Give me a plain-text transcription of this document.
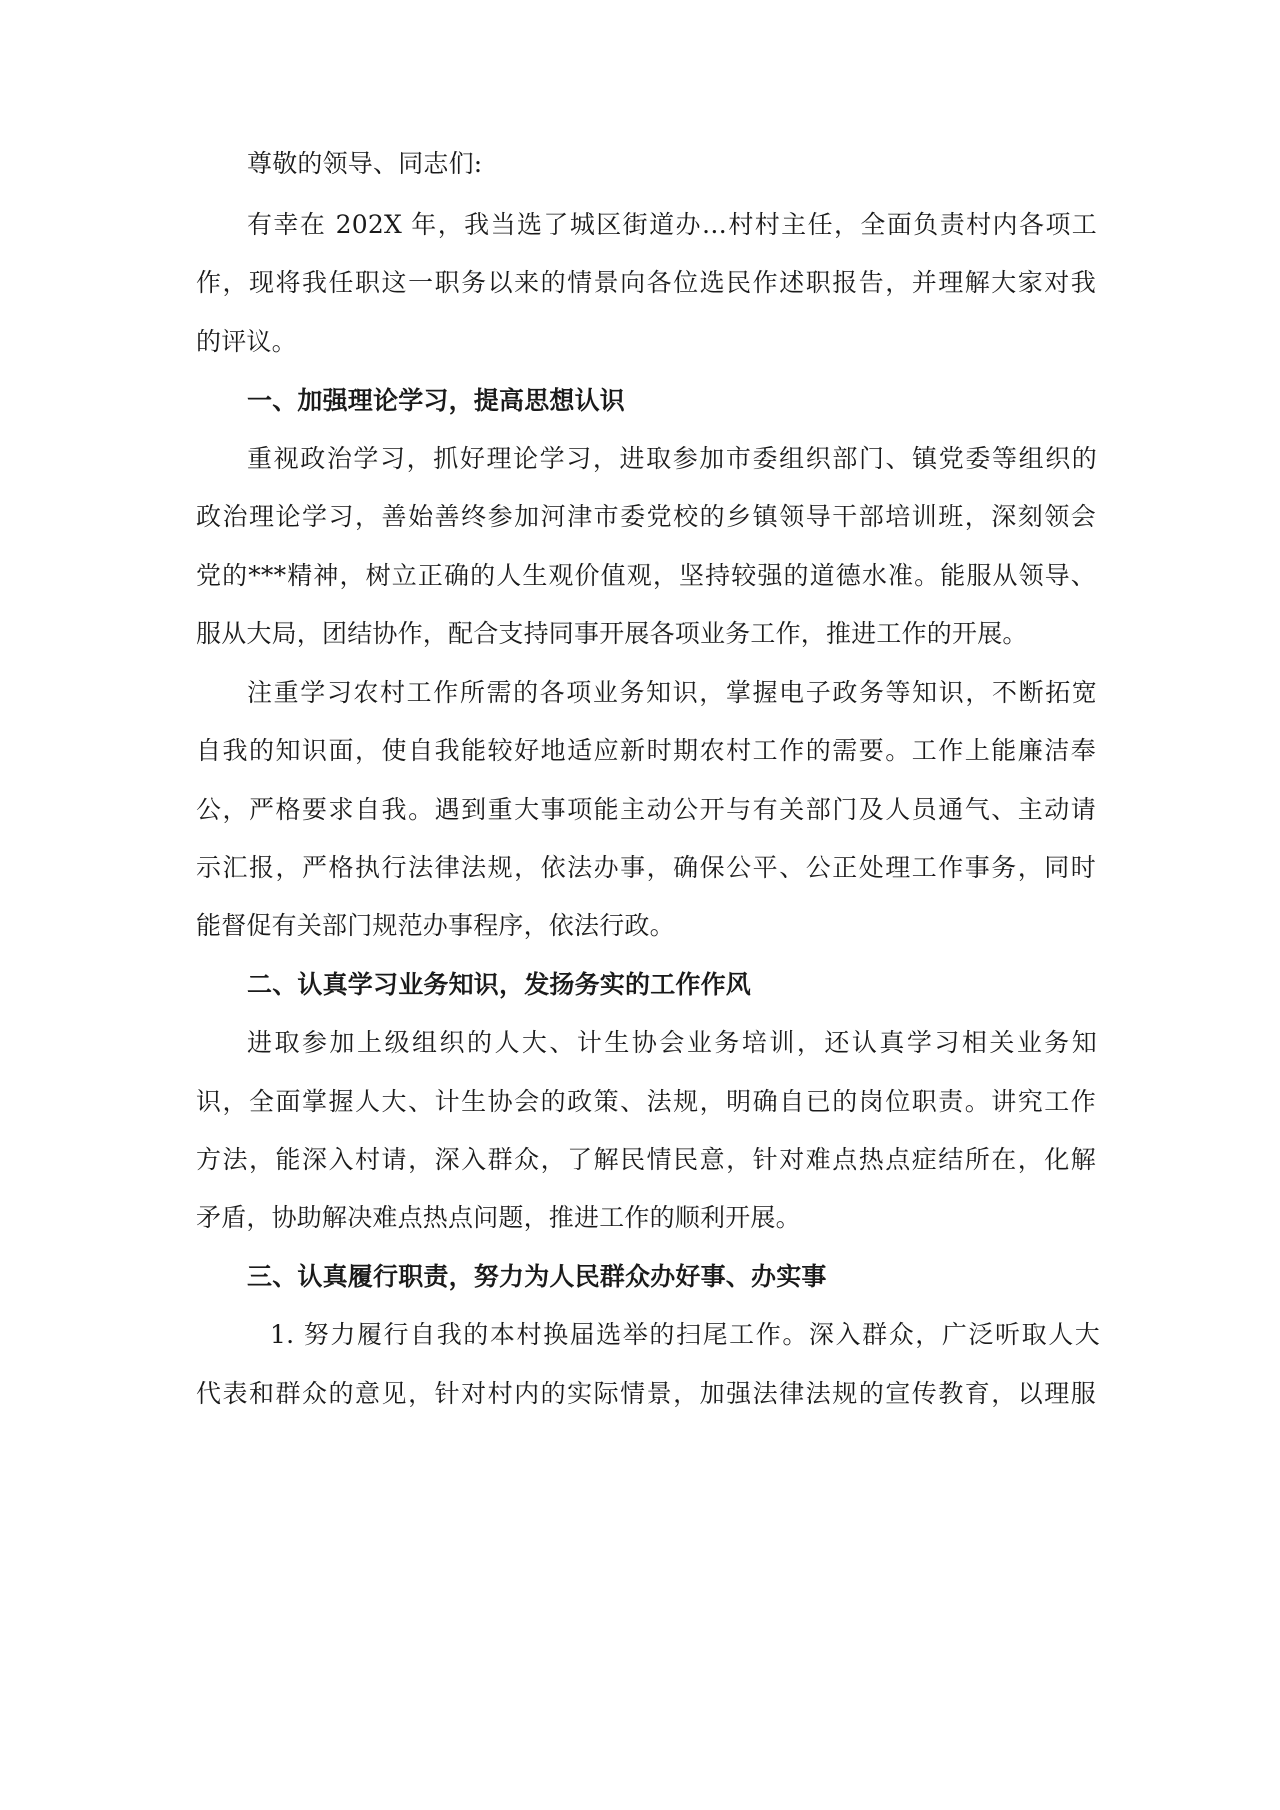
尊敬的领导、同志们:
有幸在 202X 年，我当选了城区街道办…村村主任，全面负责村内各项工
作，现将我任职这一职务以来的情景向各位选民作述职报告，并理解大家对我
的评议。
一、加强理论学习，提高思想认识
重视政治学习，抓好理论学习，进取参加市委组织部门、镇党委等组织的
政治理论学习，善始善终参加河津市委党校的乡镇领导干部培训班，深刻领会
党的***精神，树立正确的人生观价值观，坚持较强的道德水准。能服从领导、
服从大局，团结协作，配合支持同事开展各项业务工作，推进工作的开展。
注重学习农村工作所需的各项业务知识，掌握电子政务等知识，不断拓宽
自我的知识面，使自我能较好地适应新时期农村工作的需要。工作上能廉洁奉
公，严格要求自我。遇到重大事项能主动公开与有关部门及人员通气、主动请
示汇报，严格执行法律法规，依法办事，确保公平、公正处理工作事务，同时
能督促有关部门规范办事程序，依法行政。
二、认真学习业务知识，发扬务实的工作作风
进取参加上级组织的人大、计生协会业务培训，还认真学习相关业务知
识，全面掌握人大、计生协会的政策、法规，明确自已的岗位职责。讲究工作
方法，能深入村请，深入群众，了解民情民意，针对难点热点症结所在，化解
矛盾，协助解决难点热点问题，推进工作的顺利开展。
三、认真履行职责，努力为人民群众办好事、办实事
1. 努力履行自我的本村换届选举的扫尾工作。深入群众，广泛听取人大
代表和群众的意见，针对村内的实际情景，加强法律法规的宣传教育，以理服
